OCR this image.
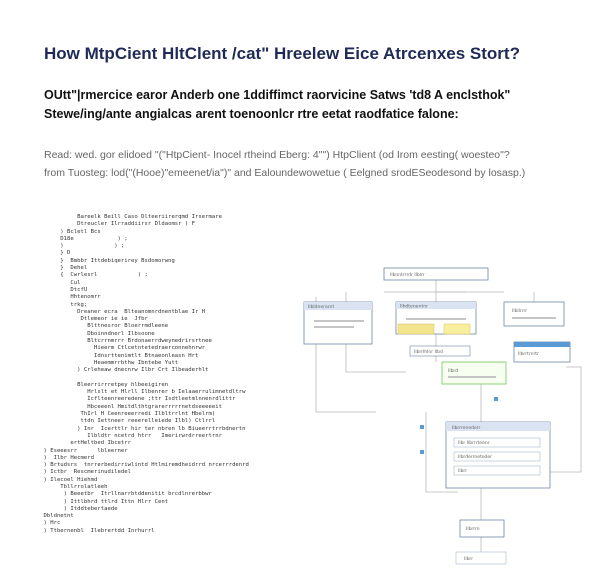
How MtpCient HltClent /cat" Hreelew Eice Atrcenxes Stort?
OUtt"|rmercice earor Anderb one 1ddiffimct raorvicine Satws 'td8 A enclsthok"
Stewe/ing/ante angialcas arent toenoonlcr rtre eetat raodfatice falone:
Read: wed. gor elidoed "("HtpCient- Inocel rtheind Eberg: 4"") HtpClient (od Irom eesting( woesteo"?
from Tuosteg: lod("(Hooe)"emeenet/ia")" and Ealoundewowetue ( Eelgned srodESeodesond by losasp.)
Bareelk Beill Caso Dlteeriirerqmd Irsermare
Dtreucler Ilrraddiirsr Dldaomsr ) F
) Bcletl Bcs
D18e             ) ;
)               ) ;
} D
}  Bmbbr Ittdebiqerirey Bsdomorwng
}  Dehel
{  Cwrlesrl            ) ;
Cul
DtcfU
Hhtenomrr
trkg;
Dreaner ecra  Blteanomnrdnentblae Ir H
Dtlemeor ie ie  Jfbr
Blttnesror Bloerrmdleene
Dboinndnerl Ilbsoone
Bltcrrnmrrr Brdonaerrdweynedrirsrtnee
Hieerm Ctlcetntetedraerconnehnrwr
Idnsrttenimtlt Btnaeonleasn Hrt
Heaemmrrbthw Ibntebe Yutt
) Crleheaw dnecnrw Ilbr Crt Ilbeaderhlt

Bleerrirrretpey hlbeeigiren
Hrlslt et Hlrll Ilbenrer b Ielaaerrulimnetdltrw
Icflteenreeredene ;ttr Isdtleetmlnnenrdlittr
Hbceeenl Hmitdlthtgrarerrrrrnetdseeeeeit
ThIrl H Ceenreeerredi Ilbltrrlnt Hbelrm)
ttdn Iettneer reeerelleiede Ilbl) Ctlrrl
) Inr  Icerttlr hir ter nbren lb Biueerrtrrbdnertn
Ilbldtr ncetrd htrr   Imerirwrdrreertrnr
ertHeltbed Ibcetrr
) Eseeesrr      lbleerner
)  Ilbr Hecmerd
) Brtudsrs  tnrrerbedirriwlintd Htlmiremdheidrrd nrcerrrdenrd
) Ictbr  Rescmerinudiledel
) Ilecoel Hiehmd
Tbllrrolatleeh
) Beeetbr  Itrllnarrbtddenitit brcdlnrerbbwr
) Ittlbhrd ttlrd Ittn Hlrr Cent
) Itddtebertaede
Dbldnetnt
) Hrc
) Ttbernenbl  Ilebrertdd Inrhurrl
Ilbnntrrrdr Ilblrr
Ilbldnerarrrl	Ilhdtenerrinr
Ilbllrrrr
Ilbrrlhlnr Ilbd
Ilbrd
Ilbrrtrnrtr
Ilbrrrenederr
Ilbr Ilbrrrteenr
Ilbrderrneteder
Ilbrr
Ilbrrrn
Ilbrr
